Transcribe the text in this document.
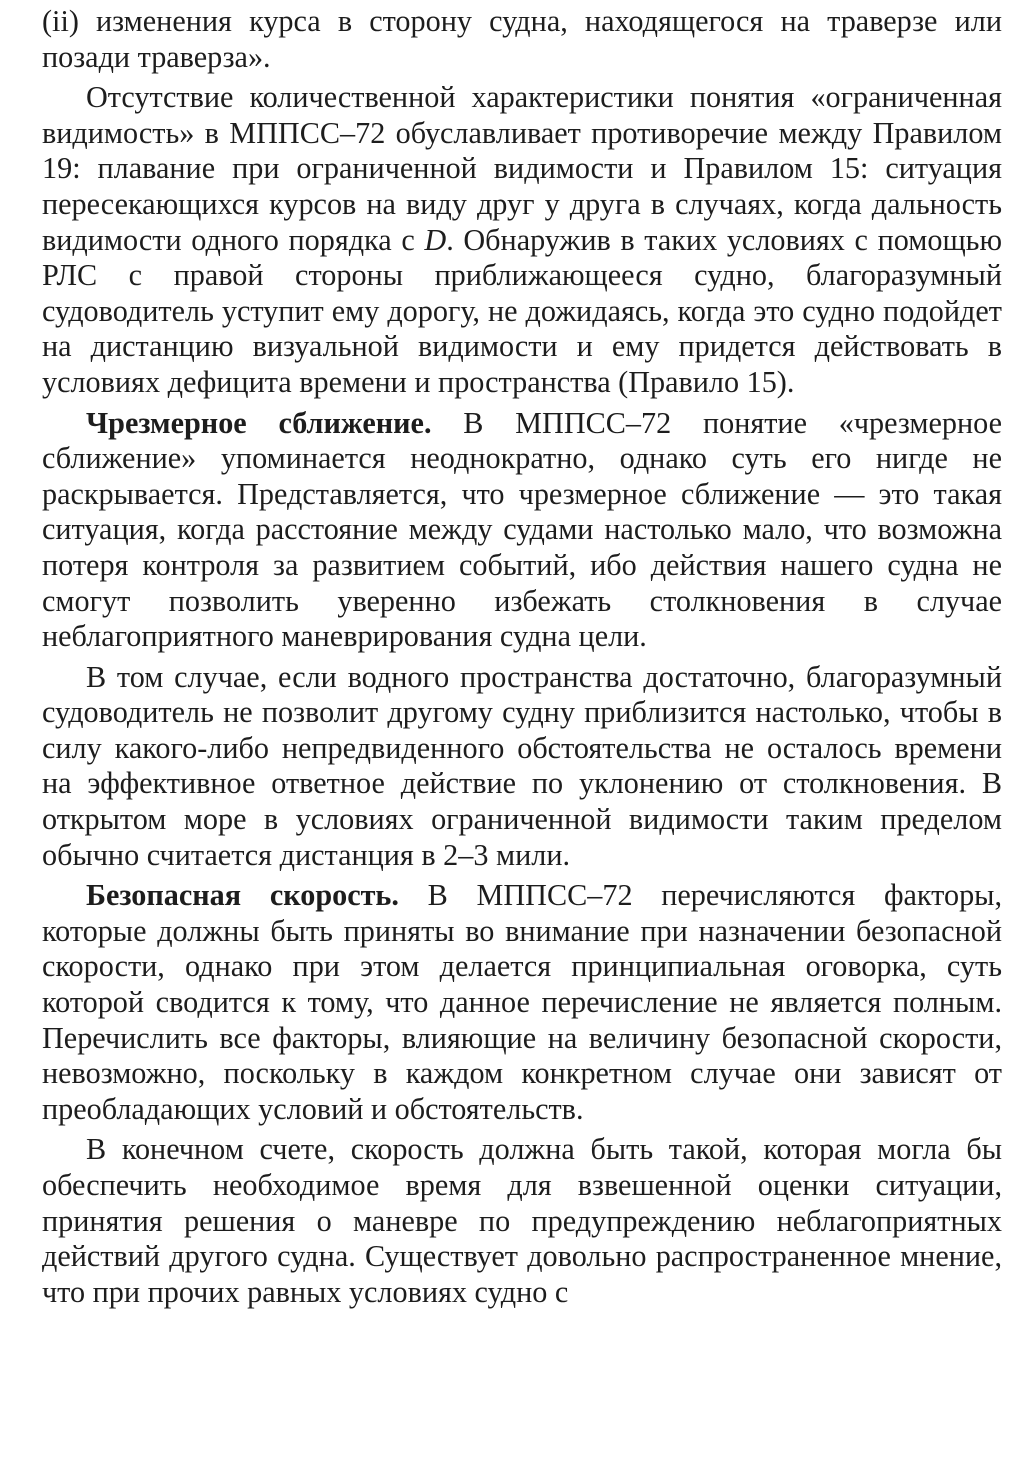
(ii) изменения курса в сторону судна, находящегося на траверзе или позади траверза».

Отсутствие количественной характеристики понятия «ограниченная видимость» в МППСС–72 обуславливает противоречие между Правилом 19: плавание при ограниченной видимости и Правилом 15: ситуация пересекающихся курсов на виду друг у друга в случаях, когда дальность видимости одного порядка с D. Обнаружив в таких условиях с помощью РЛС с правой стороны приближающееся судно, благоразумный судоводитель уступит ему дорогу, не дожидаясь, когда это судно подойдет на дистанцию визуальной видимости и ему придется действовать в условиях дефицита времени и пространства (Правило 15).

Чрезмерное сближение. В МППСС–72 понятие «чрезмерное сближение» упоминается неоднократно, однако суть его нигде не раскрывается. Представляется, что чрезмерное сближение — это такая ситуация, когда расстояние между судами настолько мало, что возможна потеря контроля за развитием событий, ибо действия нашего судна не смогут позволить уверенно избежать столкновения в случае неблагоприятного маневрирования судна цели.

В том случае, если водного пространства достаточно, благоразумный судоводитель не позволит другому судну приблизится настолько, чтобы в силу какого-либо непредвиденного обстоятельства не осталось времени на эффективное ответное действие по уклонению от столкновения. В открытом море в условиях ограниченной видимости таким пределом обычно считается дистанция в 2–3 мили.

Безопасная скорость. В МППСС–72 перечисляются факторы, которые должны быть приняты во внимание при назначении безопасной скорости, однако при этом делается принципиальная оговорка, суть которой сводится к тому, что данное перечисление не является полным. Перечислить все факторы, влияющие на величину безопасной скорости, невозможно, поскольку в каждом конкретном случае они зависят от преобладающих условий и обстоятельств.

В конечном счете, скорость должна быть такой, которая могла бы обеспечить необходимое время для взвешенной оценки ситуации, принятия решения о маневре по предупреждению неблагоприятных действий другого судна. Существует довольно распространенное мнение, что при прочих равных условиях судно с
